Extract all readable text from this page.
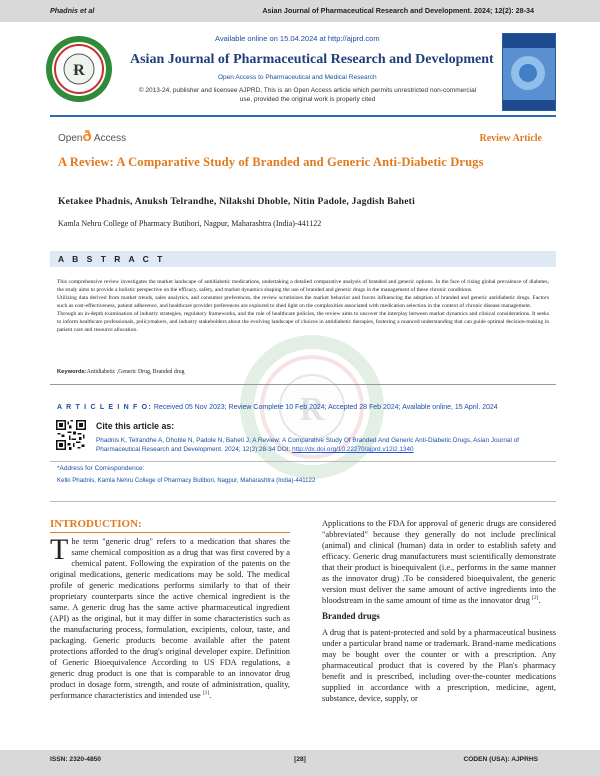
Phadnis et al	Asian Journal of Pharmaceutical Research and Development. 2024; 12(2): 28-34
Ɍ
Available online on 15.04.2024 at http://ajprd.com
Asian Journal of Pharmaceutical Research and Development
Open Access to Pharmaceutical and Medical Research
© 2013-24, publisher and licensee AJPRD, This is an Open Access article which permits unrestricted non-commercial use, provided the original work is properly cited
Openð Access	Review Article
A Review: A Comparative Study of Branded and Generic Anti-Diabetic Drugs
Ketakee Phadnis, Anuksh Telrandhe, Nilakshi Dhoble, Nitin Padole, Jagdish Baheti
Kamla Nehru College of Pharmacy Butibori, Nagpur, Maharashtra (India)-441122
Ɍ
A B S T R A C T

This comprehensive review investigates the market landscape of antidiabetic medications, undertaking a detailed comparative analysis of branded and generic options. In the face of rising global prevalence of diabetes, the study aims to provide a holistic perspective on the efficacy, safety, and market dynamics shaping the use of branded and generic drugs in the management of these chronic conditions.

Utilizing data derived from market trends, sales analytics, and consumer preferences, the review scrutinizes the market behavior and forces influencing the adoption of branded and generic antidiabetic drugs. Factors such as cost-effectiveness, patient adherence, and healthcare provider preferences are explored to shed light on the complexities associated with medication selection in the context of chronic disease management.

Through an in-depth examination of industry strategies, regulatory frameworks, and the role of healthcare policies, the review aims to uncover the interplay between market dynamics and clinical considerations. It seeks to inform healthcare professionals, policymakers, and industry stakeholders about the evolving landscape of choices in antidiabetic therapies, fostering a nuanced understanding that can guide optimal decision-making in patient care and resource allocation.

Keywords:Antidiabetic ,Generic Drug, Branded drug
A R T I C L E I N F O: Received 05 Nov 2023; Review Complete 10 Feb 2024; Accepted 28 Feb 2024; Available online, 15 April. 2024
Cite this article as:
Phadnis K, Telrandhe A, Dhoble N, Padole N, Baheti J, A Review: A Comparative Study Of Branded And Generic Anti-Diabetic Drugs, Asian Journal of Pharmaceutical Research and Development. 2024; 12(2):28-34 DOI: http://dx.doi.org/10.22270/ajprd.v12i2.1340
*Address for Correspondence:
Ketki Phadnis, Kamla Nehru College of Pharmacy Butibori, Nagpur, Maharashtra (India)-441122
INTRODUCTION:

The term "generic drug" refers to a medication that shares the same chemical composition as a drug that was first covered by a chemical patent. Following the expiration of the patents on the original medications, generic medications may be sold. The medical profile of generic medications performs similarly to that of their proprietary counterparts since the active chemical ingredient is the same. A generic drug has the same active pharmaceutical ingredient (API) as the original, but it may differ in some characteristics such as the manufacturing process, formulation, excipients, colour, taste, and packaging. Generic products become available after the patent protections afforded to the drug's original developer expire. Definition of Generic Bioequivalence According to US FDA regulations, a generic drug product is one that is comparable to an innovator drug product in dosage form, strength, and route of administration, quality, performance characteristics and intended use [1].

Applications to the FDA for approval of generic drugs are considered "abbreviated" because they generally do not include preclinical (animal) and clinical (human) data in order to establish safety and efficacy. Generic drug manufacturers must scientifically demonstrate that their product is bioequivalent (i.e., performs in the same manner as the innovator drug) .To be considered bioequivalent, the generic version must deliver the same amount of active ingredients into the bloodstream in the same amount of time as the innovator drug [2].

Branded drugs

A drug that is patent-protected and sold by a pharmaceutical business under a particular brand name or trademark. Brand-name medications may be bought over the counter or with a prescription. Any pharmaceutical product that is covered by the Plan's pharmacy benefit and is prescribed, including over-the-counter medications supplied in accordance with a prescription, medicine, agent, substance, device, supply, or

ISSN: 2320-4850	[28]	CODEN (USA): AJPRHS
